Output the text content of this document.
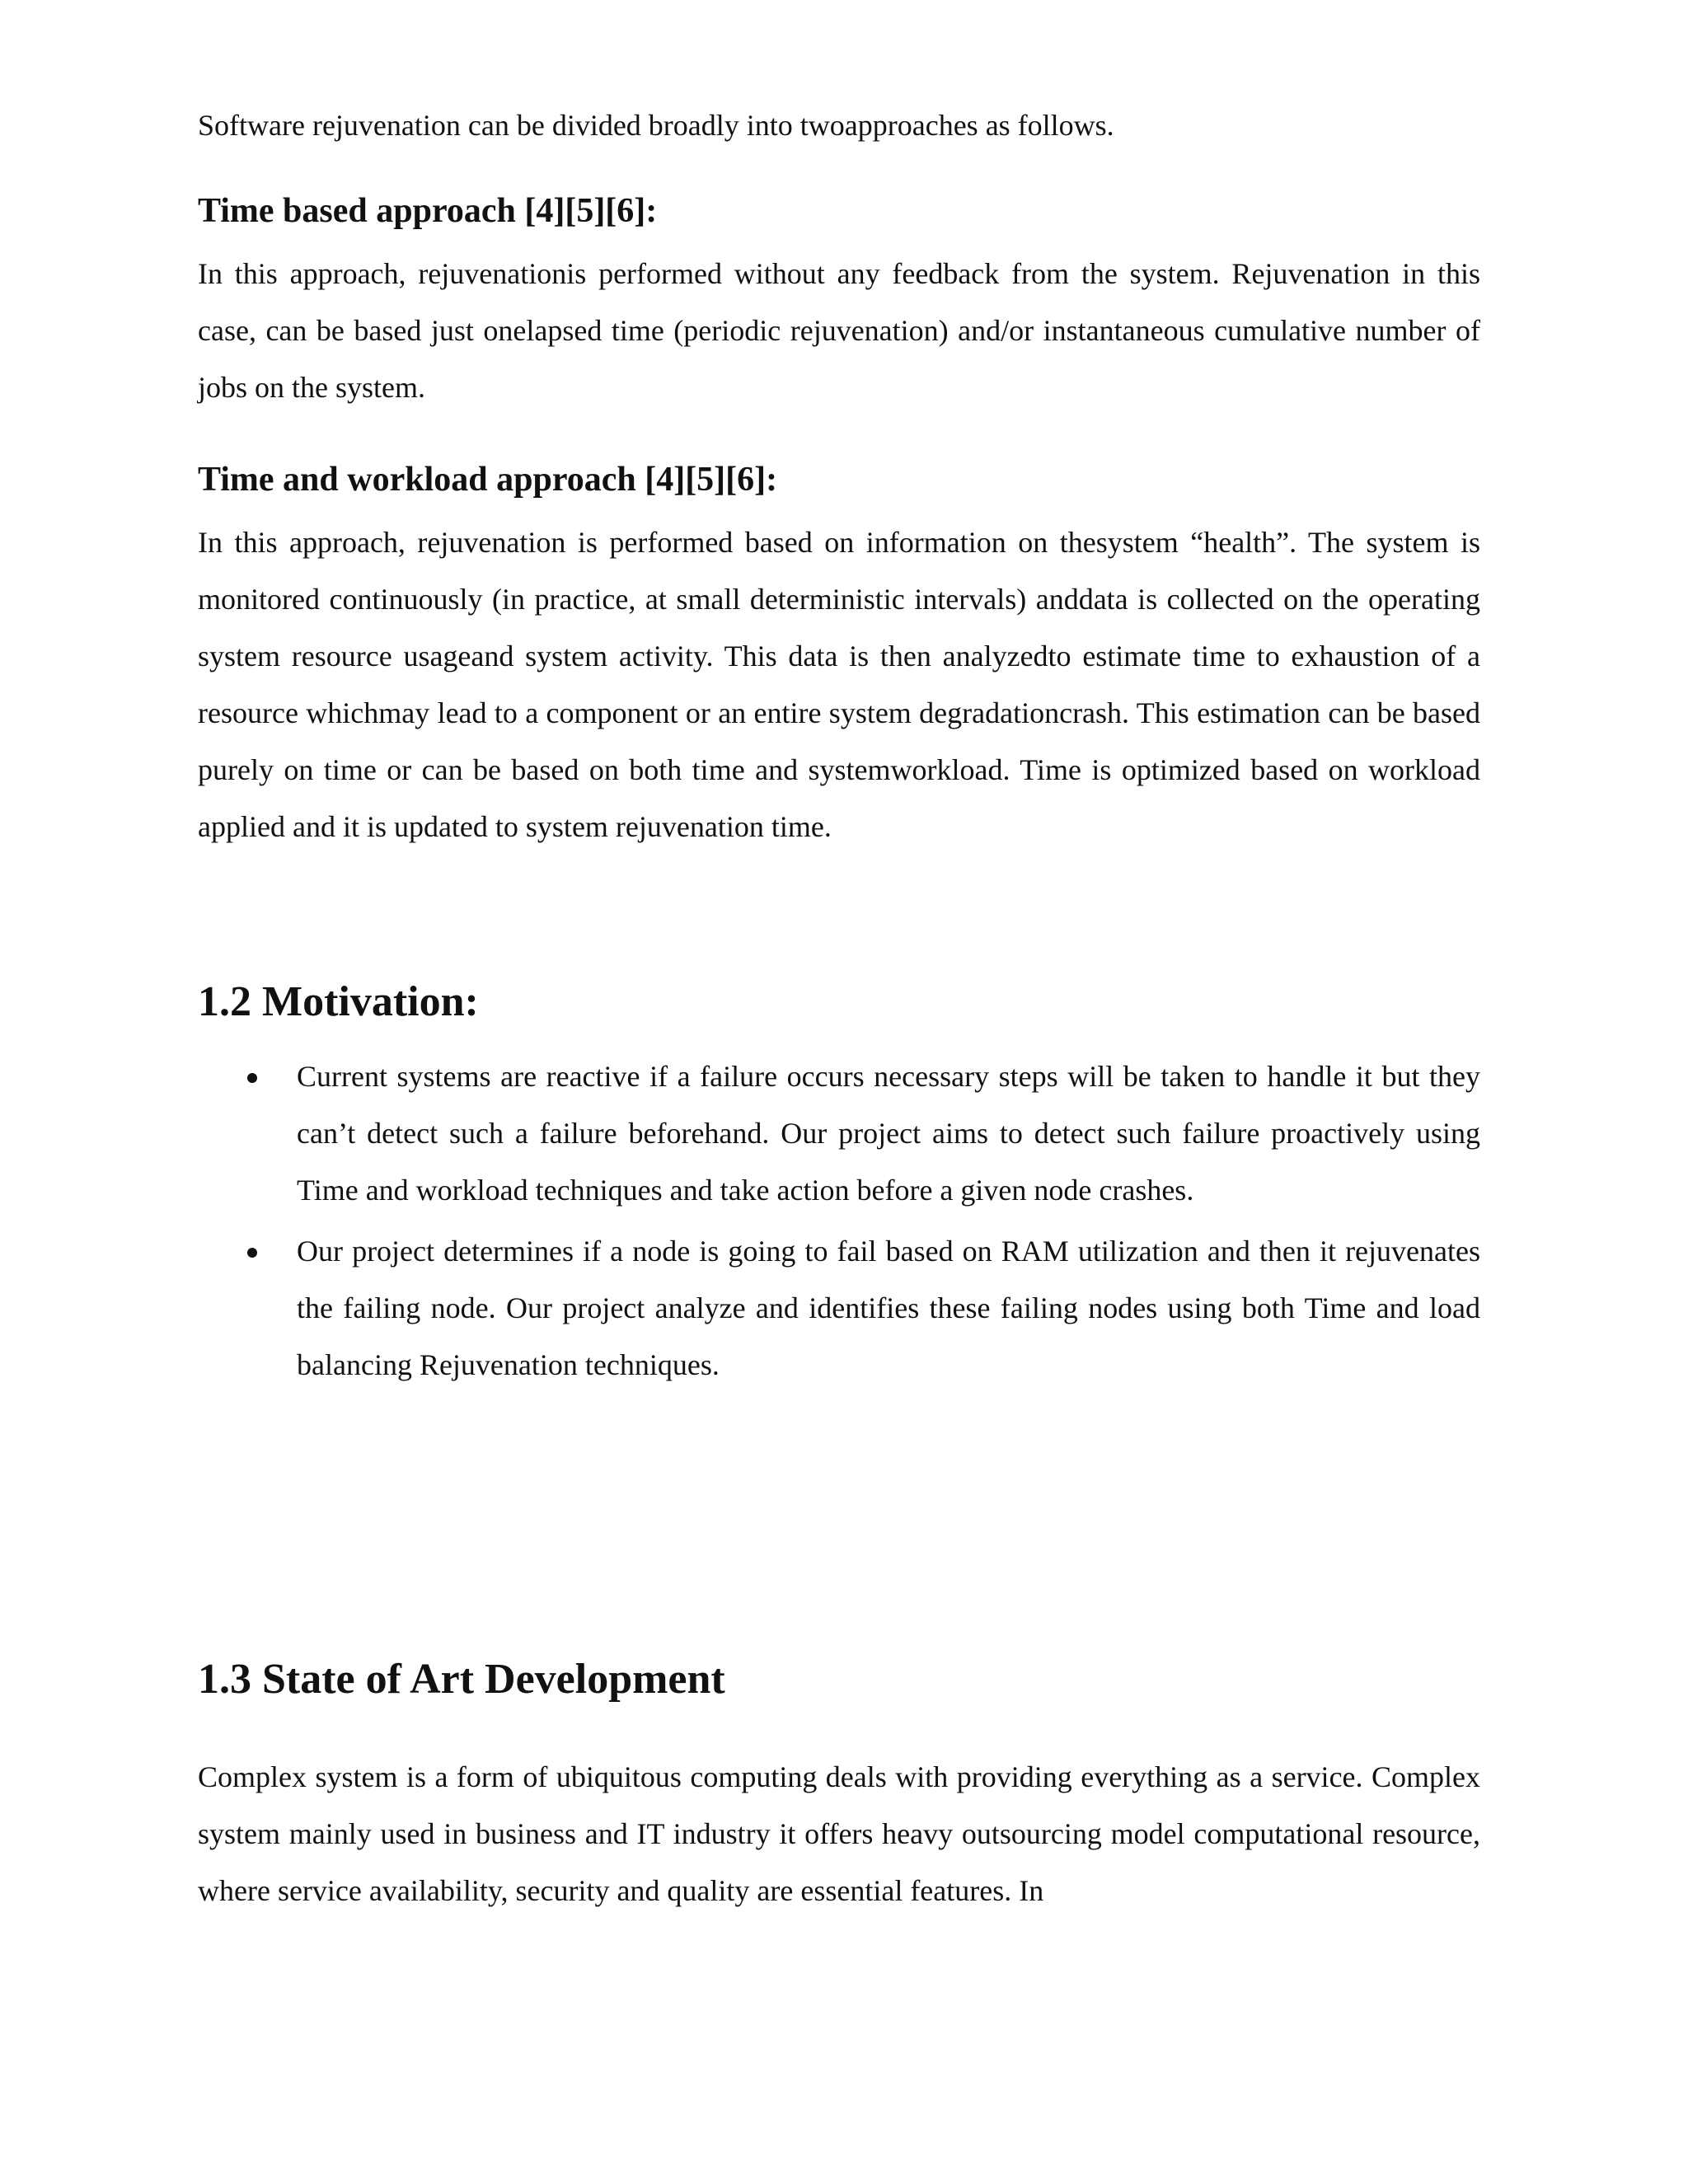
Software rejuvenation can be divided broadly into twoapproaches as follows.

Time based approach [4][5][6]:

In this approach, rejuvenationis performed without any feedback from the system. Rejuvenation in this case, can be based just onelapsed time (periodic rejuvenation) and/or instantaneous cumulative number of jobs on the system.

Time and workload approach [4][5][6]:

In this approach, rejuvenation is performed based on information on thesystem “health”. The system is monitored continuously (in practice, at small deterministic intervals) anddata is collected on the operating system resource usageand system activity. This data is then analyzedto estimate time to exhaustion of a resource whichmay lead to a component or an entire system degradationcrash. This estimation can be based purely on time or can be based on both time and systemworkload. Time is optimized based on workload applied and it is updated to system rejuvenation time.

1.2 Motivation:
Current systems are reactive if a failure occurs necessary steps will be taken to handle it but they can’t detect such a failure beforehand. Our project aims to detect such failure proactively using Time and workload techniques and take action before a given node crashes.
Our project determines if a node is going to fail based on RAM utilization and then it rejuvenates the failing node. Our project analyze and identifies these failing nodes using both Time and load balancing Rejuvenation techniques.
1.3 State of Art Development

Complex system is a form of ubiquitous computing deals with providing everything as a service. Complex system mainly used in business and IT industry it offers heavy outsourcing model computational resource, where service availability, security and quality are essential features. In
